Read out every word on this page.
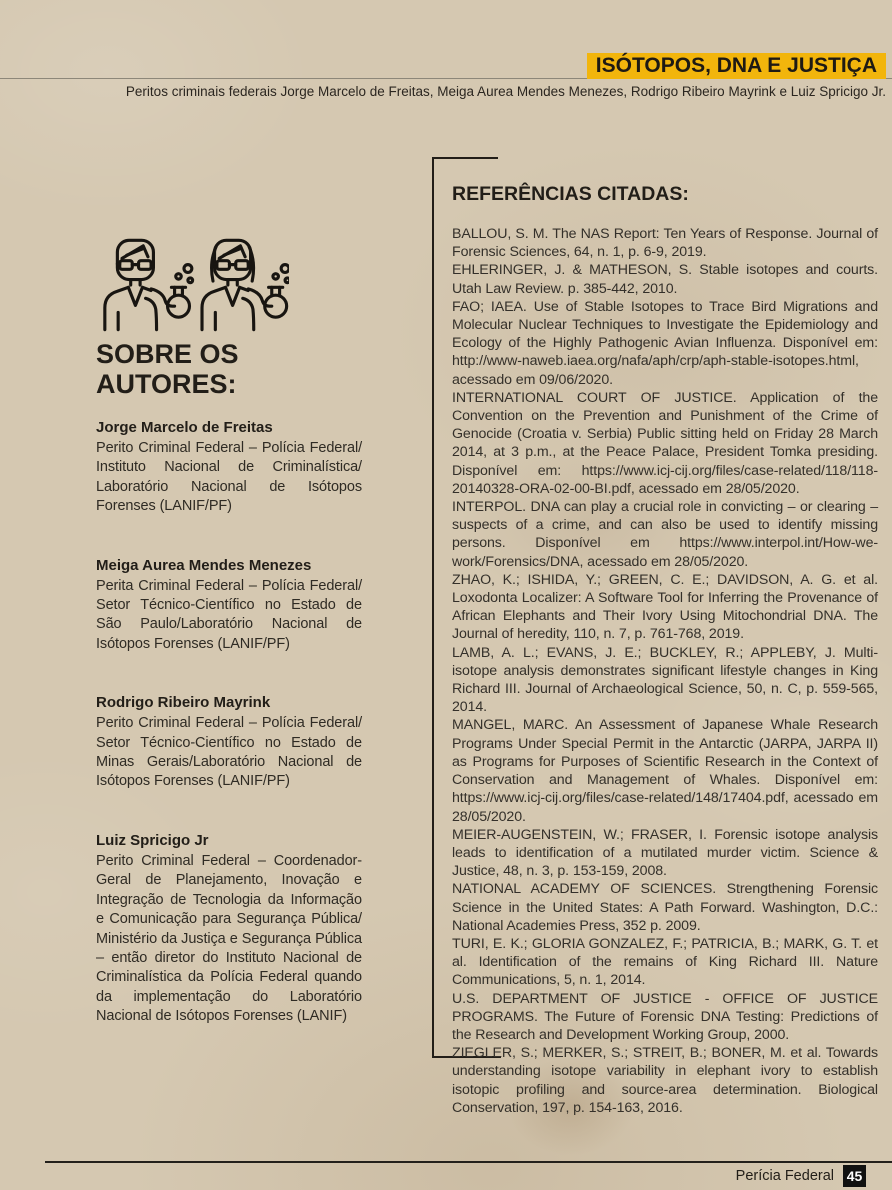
ISÓTOPOS, DNA E JUSTIÇA
Peritos criminais federais Jorge Marcelo de Freitas, Meiga Aurea Mendes Menezes, Rodrigo Ribeiro Mayrink e Luiz Spricigo Jr.
SOBRE OS
AUTORES:
Jorge Marcelo de Freitas
Perito Criminal Federal – Polícia Federal/ Instituto Nacional de Criminalística/ Laboratório Nacional de Isótopos Forenses (LANIF/PF)
Meiga Aurea Mendes Menezes
Perita Criminal Federal – Polícia Federal/ Setor Técnico-Científico no Estado de São Paulo/Laboratório Nacional de Isótopos Forenses (LANIF/PF)
Rodrigo Ribeiro Mayrink
Perito Criminal Federal – Polícia Federal/ Setor Técnico-Científico no Estado de Minas Gerais/Laboratório Nacional de Isótopos Forenses (LANIF/PF)
Luiz Spricigo Jr
Perito Criminal Federal – Coordenador-Geral de Planejamento, Inovação e Integração de Tecnologia da Informação e Comunicação para Segurança Pública/ Ministério da Justiça e Segurança Pública – então diretor do Instituto Nacional de Criminalística da Polícia Federal quando da implementação do Laboratório Nacional de Isótopos Forenses (LANIF)
REFERÊNCIAS CITADAS:

BALLOU, S. M. The NAS Report: Ten Years of Response. Journal of Forensic Sciences, 64, n. 1, p. 6-9, 2019.

EHLERINGER, J. & MATHESON, S. Stable isotopes and courts. Utah Law Review. p. 385-442, 2010.

FAO; IAEA. Use of Stable Isotopes to Trace Bird Migrations and Molecular Nuclear Techniques to Investigate the Epidemiology and Ecology of the Highly Pathogenic Avian Influenza. Disponível em: http://www-naweb.iaea.org/nafa/aph/crp/aph-stable-isotopes.html, acessado em 09/06/2020.

INTERNATIONAL COURT OF JUSTICE. Application of the Convention on the Prevention and Punishment of the Crime of Genocide (Croatia v. Serbia) Public sitting held on Friday 28 March 2014, at 3 p.m., at the Peace Palace, President Tomka presiding. Disponível em: https://www.icj-cij.org/files/case-related/118/118-20140328-ORA-02-00-BI.pdf, acessado em 28/05/2020.

INTERPOL. DNA can play a crucial role in convicting – or clearing – suspects of a crime, and can also be used to identify missing persons. Disponível em https://www.interpol.int/How-we-work/Forensics/DNA, acessado em 28/05/2020.

ZHAO, K.; ISHIDA, Y.; GREEN, C. E.; DAVIDSON, A. G. et al. Loxodonta Localizer: A Software Tool for Inferring the Provenance of African Elephants and Their Ivory Using Mitochondrial DNA. The Journal of heredity, 110, n. 7, p. 761-768, 2019.

LAMB, A. L.; EVANS, J. E.; BUCKLEY, R.; APPLEBY, J. Multi- isotope analysis demonstrates significant lifestyle changes in King Richard III. Journal of Archaeological Science, 50, n. C, p. 559-565, 2014.

MANGEL, MARC. An Assessment of Japanese Whale Research Programs Under Special Permit in the Antarctic (JARPA, JARPA II) as Programs for Purposes of Scientific Research in the Context of Conservation and Management of Whales. Disponível em: https://www.icj-cij.org/files/case-related/148/17404.pdf, acessado em 28/05/2020.

MEIER-AUGENSTEIN, W.; FRASER, I. Forensic isotope analysis leads to identification of a mutilated murder victim. Science & Justice, 48, n. 3, p. 153-159, 2008.

NATIONAL ACADEMY OF SCIENCES. Strengthening Forensic Science in the United States: A Path Forward. Washington, D.C.: National Academies Press, 352 p. 2009.

TURI, E. K.; GLORIA GONZALEZ, F.; PATRICIA, B.; MARK, G. T. et al. Identification of the remains of King Richard III. Nature Communications, 5, n. 1, 2014.

U.S. DEPARTMENT OF JUSTICE - OFFICE OF JUSTICE PROGRAMS. The Future of Forensic DNA Testing: Predictions of the Research and Development Working Group, 2000.

ZIEGLER, S.; MERKER, S.; STREIT, B.; BONER, M. et al. Towards understanding isotope variability in elephant ivory to establish isotopic profiling and source-area determination. Biological Conservation, 197, p. 154-163, 2016.

Perícia Federal 45
